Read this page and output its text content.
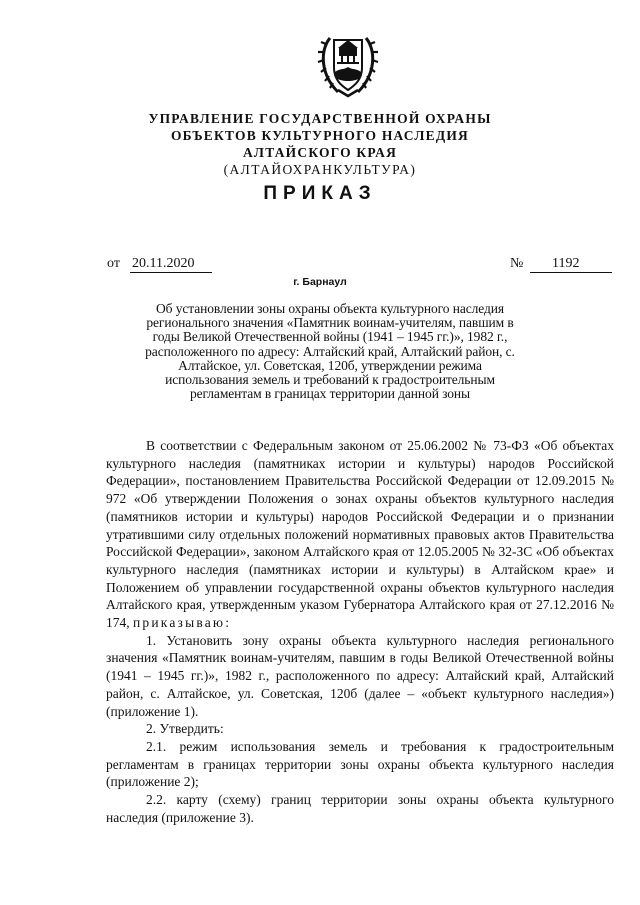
УПРАВЛЕНИЕ ГОСУДАРСТВЕННОЙ ОХРАНЫ
ОБЪЕКТОВ КУЛЬТУРНОГО НАСЛЕДИЯ
АЛТАЙСКОГО КРАЯ
(АЛТАЙОХРАНКУЛЬТУРА)
ПРИКАЗ
от 20.11.2020	№	1192
г. Барнаул
Об установлении зоны охраны объекта культурного наследия регионального значения «Памятник воинам-учителям, павшим в годы Великой Отечественной войны (1941 – 1945 гг.)», 1982 г., расположенного по адресу: Алтайский край, Алтайский район, с. Алтайское, ул. Советская, 120б, утверждении режима использования земель и требований к градостроительным регламентам в границах территории данной зоны

В соответствии с Федеральным законом от 25.06.2002 № 73-ФЗ «Об объектах культурного наследия (памятниках истории и культуры) народов Российской Федерации», постановлением Правительства Российской Федерации от 12.09.2015 № 972 «Об утверждении Положения о зонах охраны объектов культурного наследия (памятников истории и культуры) народов Российской Федерации и о признании утратившими силу отдельных положений нормативных правовых актов Правительства Российской Федерации», законом Алтайского края от 12.05.2005 № 32-ЗС «Об объектах культурного наследия (памятниках истории и культуры) в Алтайском крае» и Положением об управлении государственной охраны объектов культурного наследия Алтайского края, утвержденным указом Губернатора Алтайского края от 27.12.2016 № 174, приказываю:

1. Установить зону охраны объекта культурного наследия регионального значения «Памятник воинам-учителям, павшим в годы Великой Отечественной войны (1941 – 1945 гг.)», 1982 г., расположенного по адресу: Алтайский край, Алтайский район, с. Алтайское, ул. Советская, 120б (далее – «объект культурного наследия») (приложение 1).

2. Утвердить:

2.1. режим использования земель и требования к градостроительным регламентам в границах территории зоны охраны объекта культурного наследия (приложение 2);

2.2. карту (схему) границ территории зоны охраны объекта культурного наследия (приложение 3).
